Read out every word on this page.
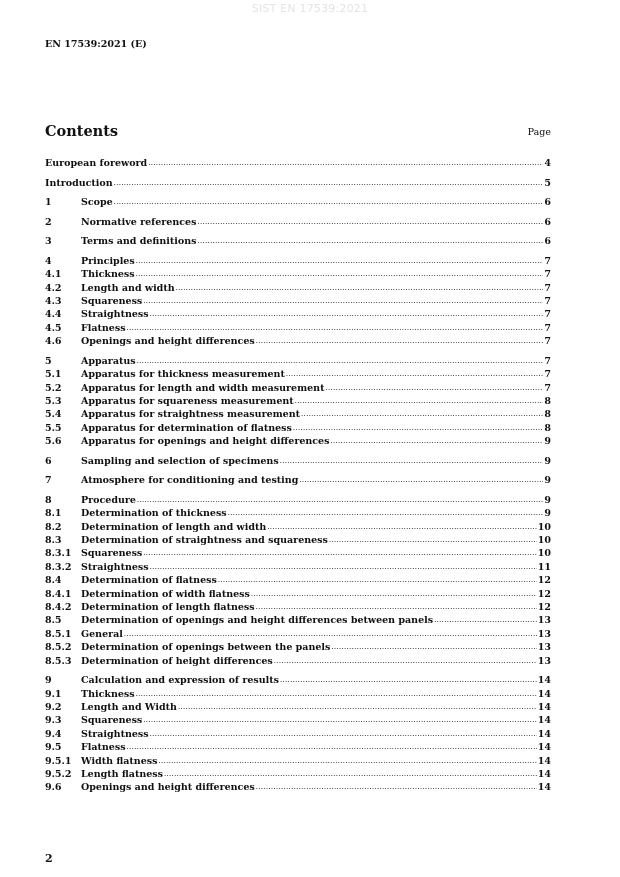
SIST EN 17539:2021
EN 17539:2021 (E)
Contents	Page
European foreword .....	4
Introduction .....	5
1	Scope .....	6
2	Normative references .....	6
3	Terms and definitions .....	6
4	Principles .....	7
4.1	Thickness .....	7
4.2	Length and width .....	7
4.3	Squareness .....	7
4.4	Straightness .....	7
4.5	Flatness .....	7
4.6	Openings and height differences .....	7
5	Apparatus .....	7
5.1	Apparatus for thickness measurement .....	7
5.2	Apparatus for length and width measurement .....	7
5.3	Apparatus for squareness measurement .....	8
5.4	Apparatus for straightness measurement .....	8
5.5	Apparatus for determination of flatness .....	8
5.6	Apparatus for openings and height differences .....	9
6	Sampling and selection of specimens .....	9
7	Atmosphere for conditioning and testing .....	9
8	Procedure .....	9
8.1	Determination of thickness .....	9
8.2	Determination of length and width .....	10
8.3	Determination of straightness and squareness .....	10
8.3.1	Squareness .....	10
8.3.2	Straightness .....	11
8.4	Determination of flatness .....	12
8.4.1	Determination of width flatness .....	12
8.4.2	Determination of length flatness .....	12
8.5	Determination of openings and height differences between panels .....	13
8.5.1	General .....	13
8.5.2	Determination of openings between the panels .....	13
8.5.3	Determination of height differences .....	13
9	Calculation and expression of results .....	14
9.1	Thickness .....	14
9.2	Length and Width .....	14
9.3	Squareness .....	14
9.4	Straightness .....	14
9.5	Flatness .....	14
9.5.1	Width flatness .....	14
9.5.2	Length flatness .....	14
9.6	Openings and height differences .....	14
2
